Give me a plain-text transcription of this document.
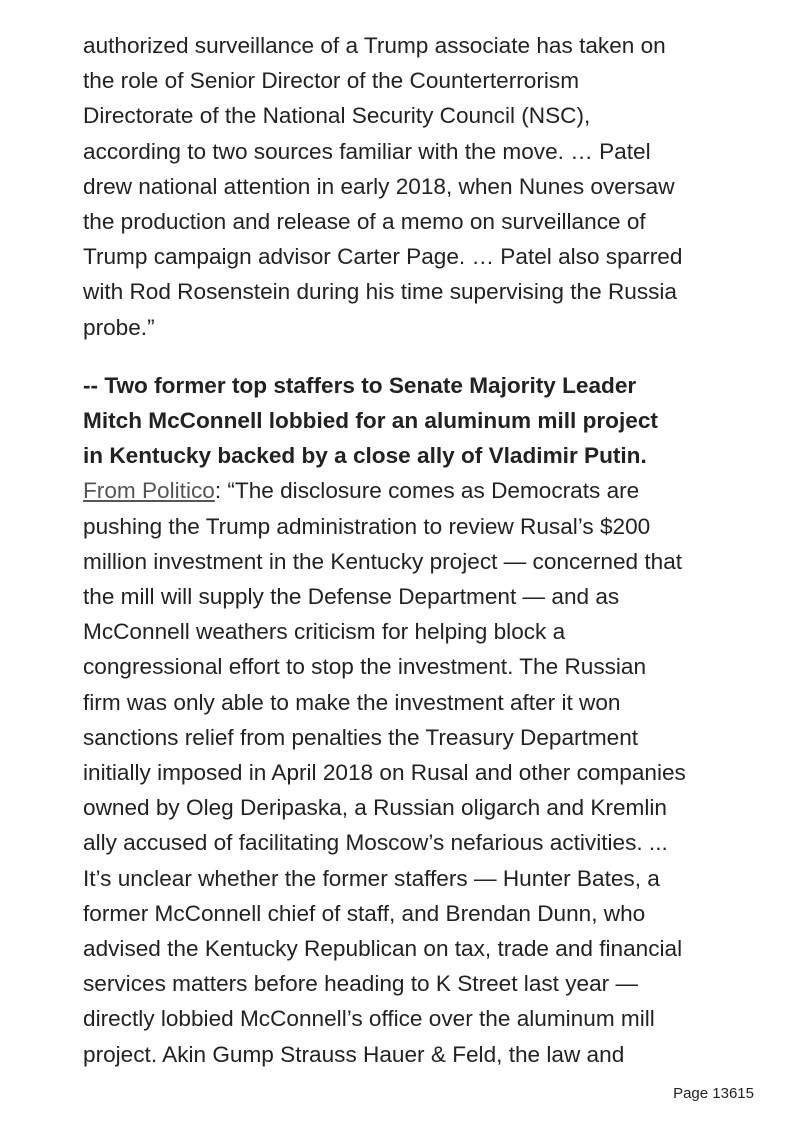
authorized surveillance of a Trump associate has taken on
the role of Senior Director of the Counterterrorism
Directorate of the National Security Council (NSC),
according to two sources familiar with the move. … Patel
drew national attention in early 2018, when Nunes oversaw
the production and release of a memo on surveillance of
Trump campaign advisor Carter Page. … Patel also sparred
with Rod Rosenstein during his time supervising the Russia
probe.”

-- Two former top staffers to Senate Majority Leader
Mitch McConnell lobbied for an aluminum mill project
in Kentucky backed by a close ally of Vladimir Putin.
From Politico: “The disclosure comes as Democrats are
pushing the Trump administration to review Rusal’s $200
million investment in the Kentucky project — concerned that
the mill will supply the Defense Department — and as
McConnell weathers criticism for helping block a
congressional effort to stop the investment. The Russian
firm was only able to make the investment after it won
sanctions relief from penalties the Treasury Department
initially imposed in April 2018 on Rusal and other companies
owned by Oleg Deripaska, a Russian oligarch and Kremlin
ally accused of facilitating Moscow’s nefarious activities. ...
It’s unclear whether the former staffers — Hunter Bates, a
former McConnell chief of staff, and Brendan Dunn, who
advised the Kentucky Republican on tax, trade and financial
services matters before heading to K Street last year —
directly lobbied McConnell’s office over the aluminum mill
project. Akin Gump Strauss Hauer & Feld, the law and

Page 13615
